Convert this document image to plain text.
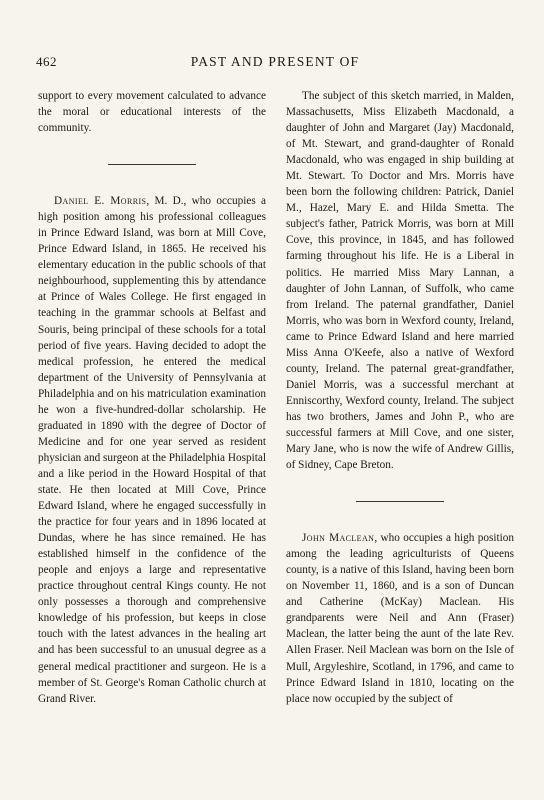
462	PAST AND PRESENT OF

support to every movement calculated to advance the moral or educational interests of the community.

Daniel E. Morris, M. D., who occupies a high position among his professional colleagues in Prince Edward Island, was born at Mill Cove, Prince Edward Island, in 1865. He received his elementary education in the public schools of that neighbourhood, supplementing this by attendance at Prince of Wales College. He first engaged in teaching in the grammar schools at Belfast and Souris, being principal of these schools for a total period of five years. Having decided to adopt the medical profession, he entered the medical department of the University of Pennsylvania at Philadelphia and on his matriculation examination he won a five-hundred-dollar scholarship. He graduated in 1890 with the degree of Doctor of Medicine and for one year served as resident physician and surgeon at the Philadelphia Hospital and a like period in the Howard Hospital of that state. He then located at Mill Cove, Prince Edward Island, where he engaged successfully in the practice for four years and in 1896 located at Dundas, where he has since remained. He has established himself in the confidence of the people and enjoys a large and representative practice throughout central Kings county. He not only possesses a thorough and comprehensive knowledge of his profession, but keeps in close touch with the latest advances in the healing art and has been successful to an unusual degree as a general medical practitioner and surgeon. He is a member of St. George's Roman Catholic church at Grand River.

The subject of this sketch married, in Malden, Massachusetts, Miss Elizabeth Macdonald, a daughter of John and Margaret (Jay) Macdonald, of Mt. Stewart, and grand-daughter of Ronald Macdonald, who was engaged in ship building at Mt. Stewart. To Doctor and Mrs. Morris have been born the following children: Patrick, Daniel M., Hazel, Mary E. and Hilda Smetta. The subject's father, Patrick Morris, was born at Mill Cove, this province, in 1845, and has followed farming throughout his life. He is a Liberal in politics. He married Miss Mary Lannan, a daughter of John Lannan, of Suffolk, who came from Ireland. The paternal grandfather, Daniel Morris, who was born in Wexford county, Ireland, came to Prince Edward Island and here married Miss Anna O'Keefe, also a native of Wexford county, Ireland. The paternal great-grandfather, Daniel Morris, was a successful merchant at Enniscorthy, Wexford county, Ireland. The subject has two brothers, James and John P., who are successful farmers at Mill Cove, and one sister, Mary Jane, who is now the wife of Andrew Gillis, of Sidney, Cape Breton.

John Maclean, who occupies a high position among the leading agriculturists of Queens county, is a native of this Island, having been born on November 11, 1860, and is a son of Duncan and Catherine (McKay) Maclean. His grandparents were Neil and Ann (Fraser) Maclean, the latter being the aunt of the late Rev. Allen Fraser. Neil Maclean was born on the Isle of Mull, Argyleshire, Scotland, in 1796, and came to Prince Edward Island in 1810, locating on the place now occupied by the subject of
